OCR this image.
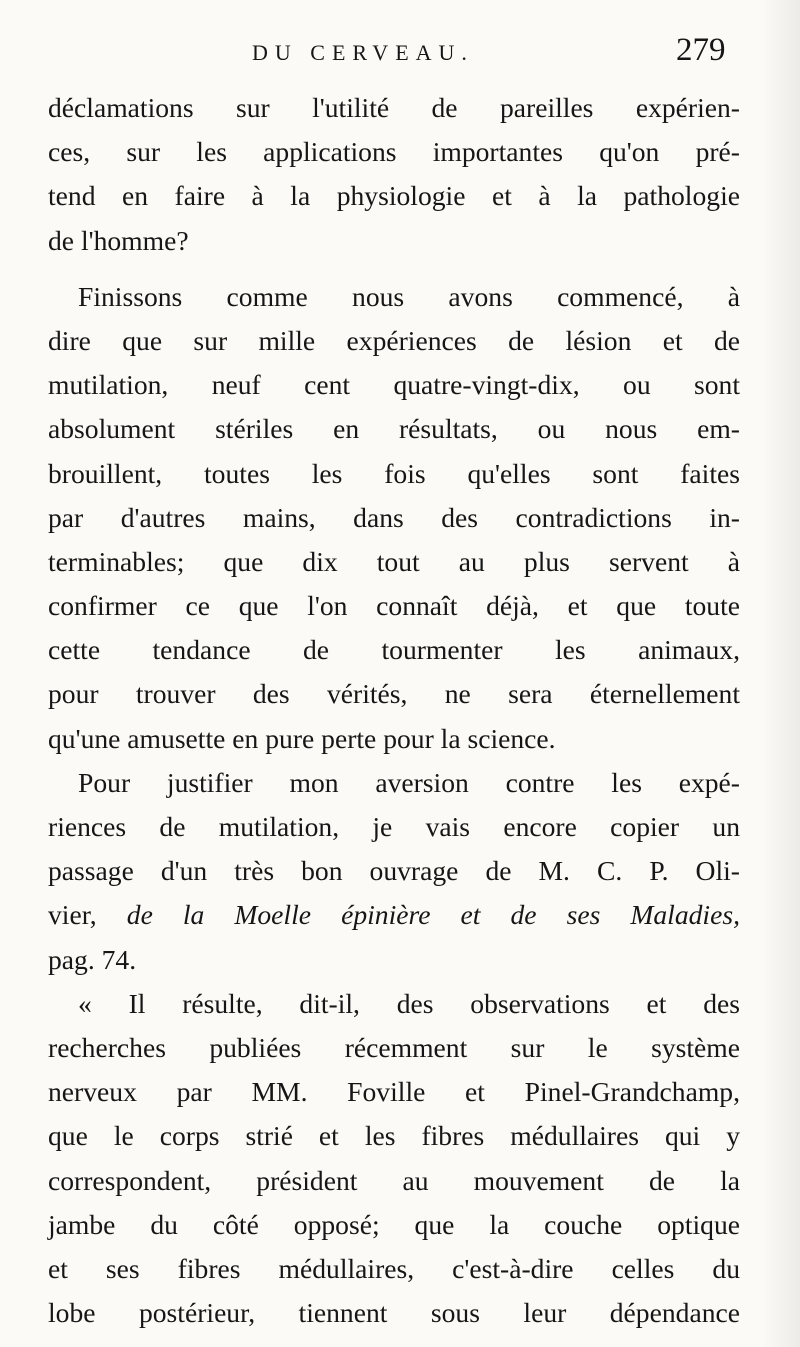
DU CERVEAU.	279
déclamations sur l'utilité de pareilles expérien-
ces, sur les applications importantes qu'on pré-
tend en faire à la physiologie et à la pathologie
de l'homme?
Finissons comme nous avons commencé, à
dire que sur mille expériences de lésion et de
mutilation, neuf cent quatre-vingt-dix, ou sont
absolument stériles en résultats, ou nous em-
brouillent, toutes les fois qu'elles sont faites
par d'autres mains, dans des contradictions in-
terminables; que dix tout au plus servent à
confirmer ce que l'on connaît déjà, et que toute
cette tendance de tourmenter les animaux,
pour trouver des vérités, ne sera éternellement
qu'une amusette en pure perte pour la science.
Pour justifier mon aversion contre les expé-
riences de mutilation, je vais encore copier un
passage d'un très bon ouvrage de M. C. P. Oli-
vier, de la Moelle épinière et de ses Maladies,
pag. 74.
« Il résulte, dit-il, des observations et des
recherches publiées récemment sur le système
nerveux par MM. Foville et Pinel-Grandchamp,
que le corps strié et les fibres médullaires qui y
correspondent, président au mouvement de la
jambe du côté opposé; que la couche optique
et ses fibres médullaires, c'est-à-dire celles du
lobe postérieur, tiennent sous leur dépendance
